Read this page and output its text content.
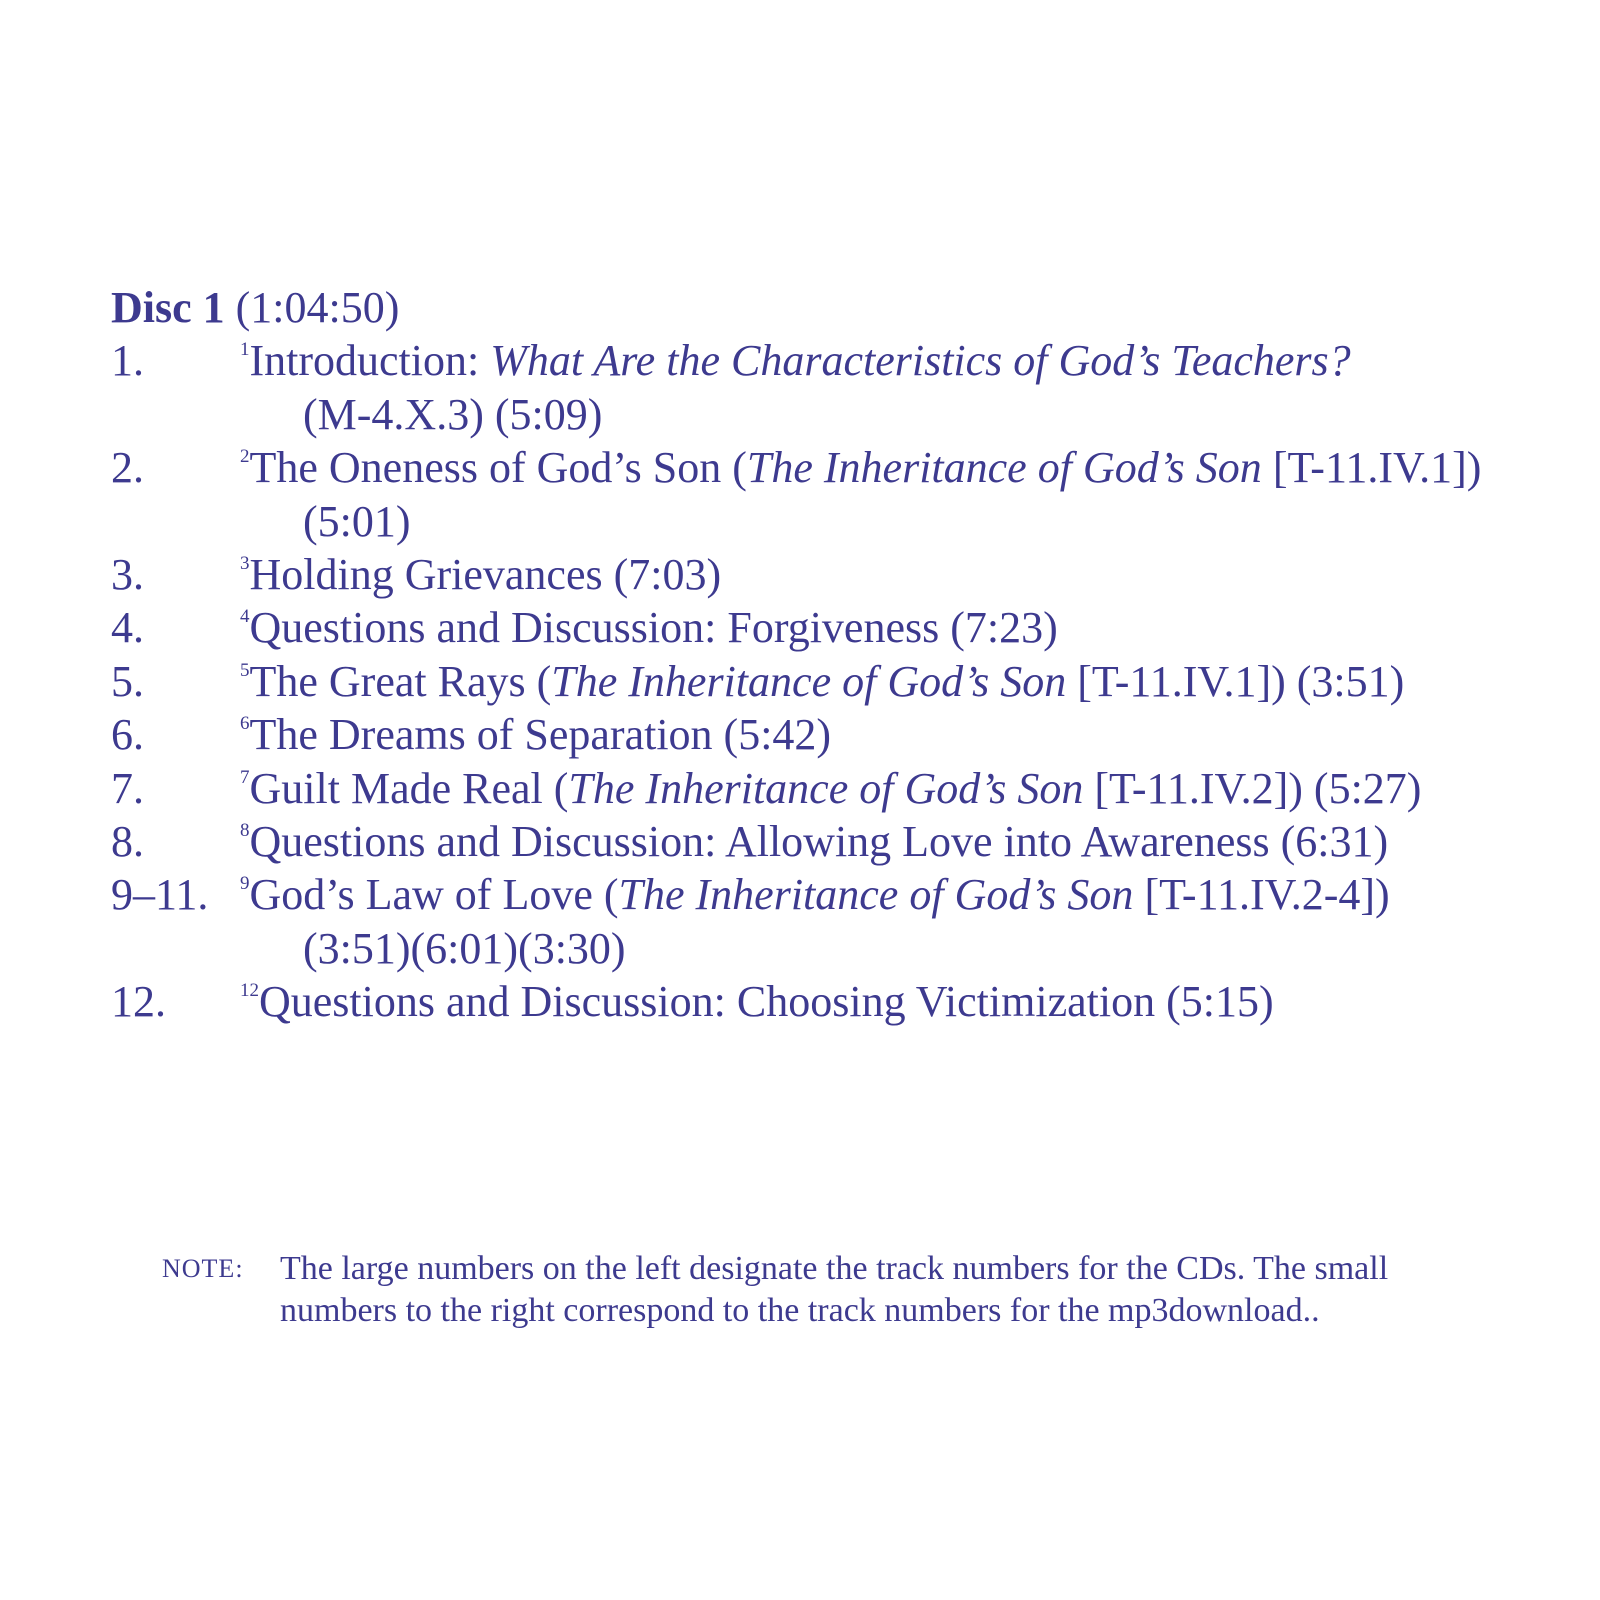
Disc 1 (1:04:50)
1.	$^1$Introduction: What Are the Characteristics of God’s Teachers?
(M-4.X.3) (5:09)
2.	$^2$The Oneness of God’s Son (The Inheritance of God’s Son [T-11.IV.1])
(5:01)
3.	$^3$Holding Grievances (7:03)
4.	$^4$Questions and Discussion: Forgiveness (7:23)
5.	$^5$The Great Rays (The Inheritance of God’s Son [T-11.IV.1]) (3:51)
6.	$^6$The Dreams of Separation (5:42)
7.	$^7$Guilt Made Real (The Inheritance of God’s Son [T-11.IV.2]) (5:27)
8.	$^8$Questions and Discussion: Allowing Love into Awareness (6:31)
9–11. $^9$God’s Law of Love (The Inheritance of God’s Son [T-11.IV.2-4])
(3:51)(6:01)(3:30)
12.	$^{12}$Questions and Discussion: Choosing Victimization (5:15)
NOTE: The large numbers on the left designate the track numbers for the CDs. The small
numbers to the right correspond to the track numbers for the mp3download..
